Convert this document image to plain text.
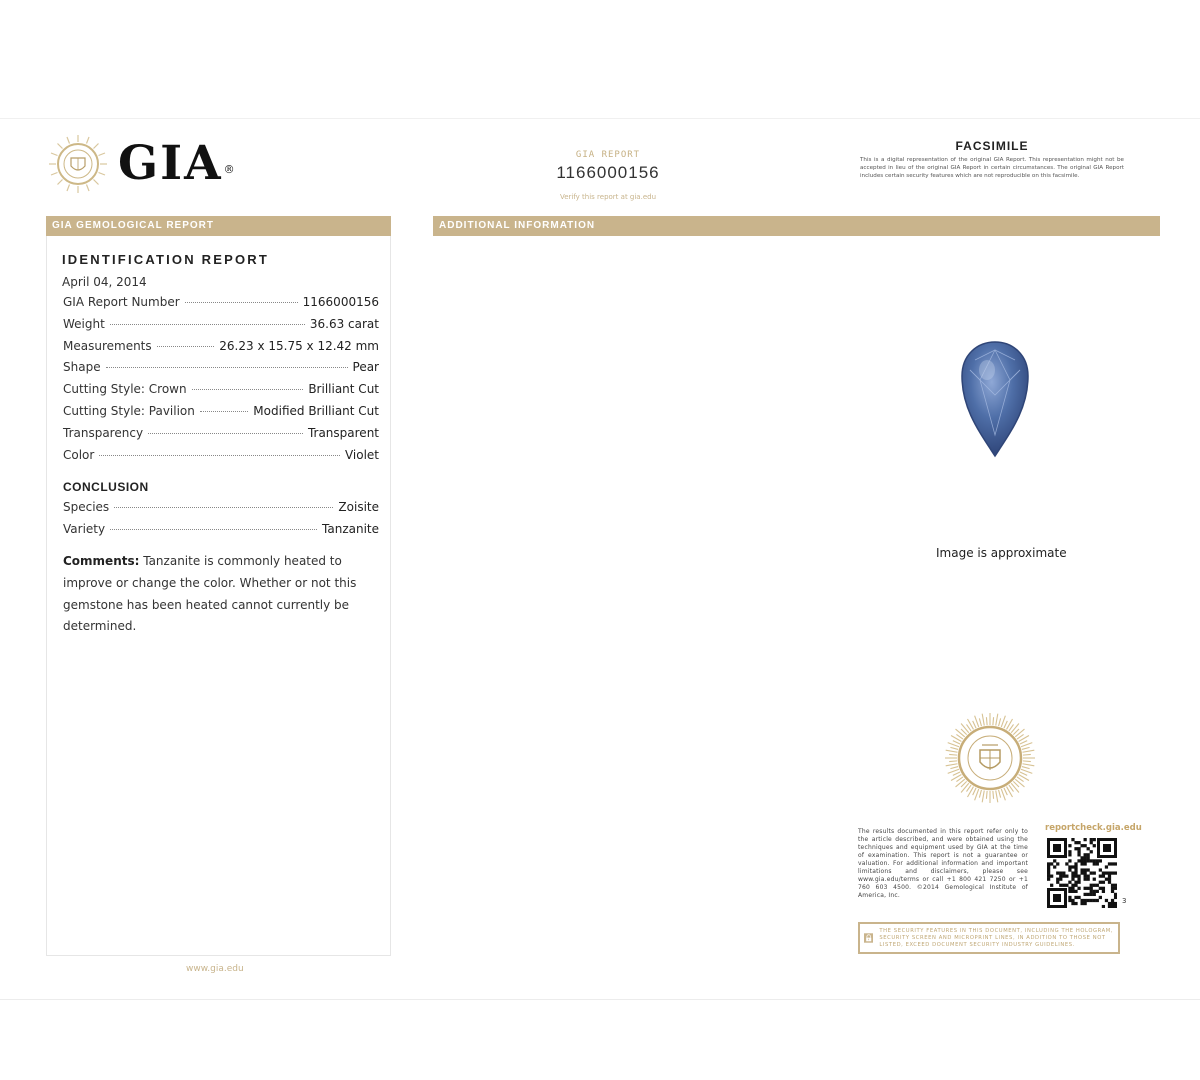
GIA®
GIA REPORT
1166000156
Verify this report at gia.edu
FACSIMILE
This is a digital representation of the original GIA Report. This representation might not be accepted in lieu of the original GIA Report in certain circumstances. The original GIA Report includes certain security features which are not reproducible on this facsimile.
GIA GEMOLOGICAL REPORT	ADDITIONAL INFORMATION
IDENTIFICATION REPORT
April 04, 2014
GIA Report Number	1166000156
Weight	36.63 carat
Measurements	26.23 x 15.75 x 12.42 mm
Shape	Pear
Cutting Style: Crown	Brilliant Cut
Cutting Style: Pavilion	Modified Brilliant Cut
Transparency	Transparent
Color	Violet
CONCLUSION
Species	Zoisite
Variety	Tanzanite
Comments: Tanzanite is commonly heated to improve or change the color. Whether or not this gemstone has been heated cannot currently be determined.
www.gia.edu
Image is approximate
The results documented in this report refer only to the article described, and were obtained using the techniques and equipment used by GIA at the time of examination. This report is not a guarantee or valuation. For additional information and important limitations and disclaimers, please see www.gia.edu/terms or call +1 800 421 7250 or +1 760 603 4500. ©2014 Gemological Institute of America, Inc.
reportcheck.gia.edu
3
THE SECURITY FEATURES IN THIS DOCUMENT, INCLUDING THE HOLOGRAM, SECURITY SCREEN AND MICROPRINT LINES, IN ADDITION TO THOSE NOT LISTED, EXCEED DOCUMENT SECURITY INDUSTRY GUIDELINES.
